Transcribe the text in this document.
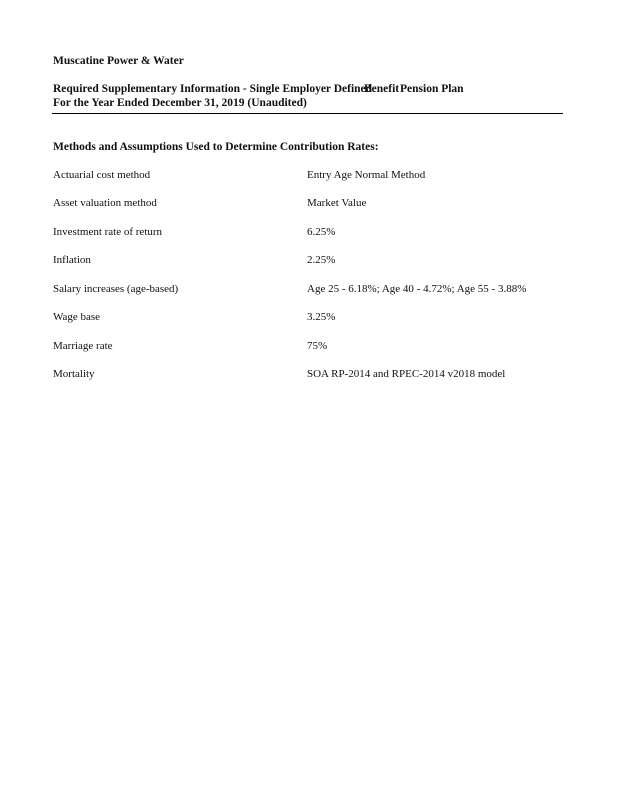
Muscatine Power & Water
Required Supplementary Information - Single Employer Defined
Benefit Pension Plan
For the Year Ended December 31, 2019 (Unaudited)
Methods and Assumptions Used to Determine Contribution Rates:
Actuarial cost method	Entry Age Normal Method
Asset valuation method	Market Value
Investment rate of return	6.25%
Inflation	2.25%
Salary increases (age-based)	Age 25 - 6.18%; Age 40 - 4.72%; Age 55 - 3.88%
Wage base	3.25%
Marriage rate	75%
Mortality	SOA RP-2014 and RPEC-2014 v2018 model
